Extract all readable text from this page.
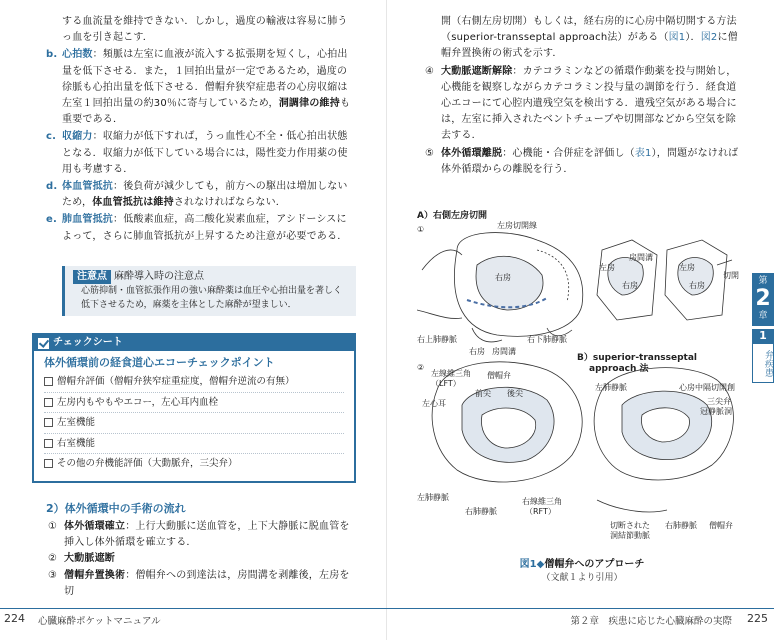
する血流量を維持できない．しかし，過度の輸液は容易に肺うっ血を引き起こす．

b. 心拍数：頻脈は左室に血液が流入する拡張期を短くし，心拍出量を低下させる．また，１回拍出量が一定であるため，過度の徐脈も心拍出量を低下させる．僧帽弁狭窄症患者の心房収縮は左室１回拍出量の約30％に寄与しているため，洞調律の維持も重要である．
c. 収縮力：収縮力が低下すれば，うっ血性心不全・低心拍出状態となる．収縮力が低下している場合には，陽性変力作用薬の使用も考慮する．
d. 体血管抵抗：後負荷が減少しても，前方への駆出は増加しないため，体血管抵抗は維持されなければならない．
e. 肺血管抵抗：低酸素血症，高二酸化炭素血症，アシドーシスによって，さらに肺血管抵抗が上昇するため注意が必要である．
注意点 麻酔導入時の注意点
心筋抑制・血管拡張作用の強い麻酔薬は血圧や心拍出量を著しく低下させるため，麻薬を主体とした麻酔が望ましい．
チェックシート
体外循環前の経食道心エコーチェックポイント
僧帽弁評価（僧帽弁狭窄症重症度，僧帽弁逆流の有無）
左房内もやもやエコー，左心耳内血栓
左室機能
右室機能
その他の弁機能評価（大動脈弁，三尖弁）
2）体外循環中の手術の流れ
① 体外循環確立：上行大動脈に送血管を，上下大静脈に脱血管を挿入し体外循環を確立する．
② 大動脈遮断
③ 僧帽弁置換術：僧帽弁への到達法は，房間溝を剥離後，左房を切
224 心臓麻酔ポケットマニュアル

開（右側左房切開）もしくは，経右房的に心房中隔切開する方法（superior-transseptal approach法）がある（図1）．図2に僧帽弁置換術の術式を示す．

④ 大動脈遮断解除：カテコラミンなどの循環作動薬を投与開始し，心機能を観察しながらカテコラミン投与量の調節を行う．経食道心エコーにて心腔内遺残空気を検出する．遺残空気がある場合には，左室に挿入されたベントチューブや切開部などから空気を除去する．
⑤ 体外循環離脱：心機能・合併症を評価し（表1），問題がなければ体外循環からの離脱を行う．
A）右側左房切開
①	左房切開線
右房
右上肺静脈	右下肺静脈
右房 房間溝
左房
房間溝
右房
左房
右房
切開
②
左線維三角
（LFT）
僧帽弁
前尖 後尖
左心耳
左肺静脈
右肺静脈
右線維三角
（RFT）
B）superior-transseptal
approach 法
左肺静脈	心房中隔切開創
三尖弁
冠静脈洞
切断された
洞結節動脈
右肺静脈 僧帽弁
図1◆僧帽弁へのアプローチ
（文献１より引用）
第
2
章
1
弁疾患
第２章　疾患に応じた心臓麻酔の実際 225
